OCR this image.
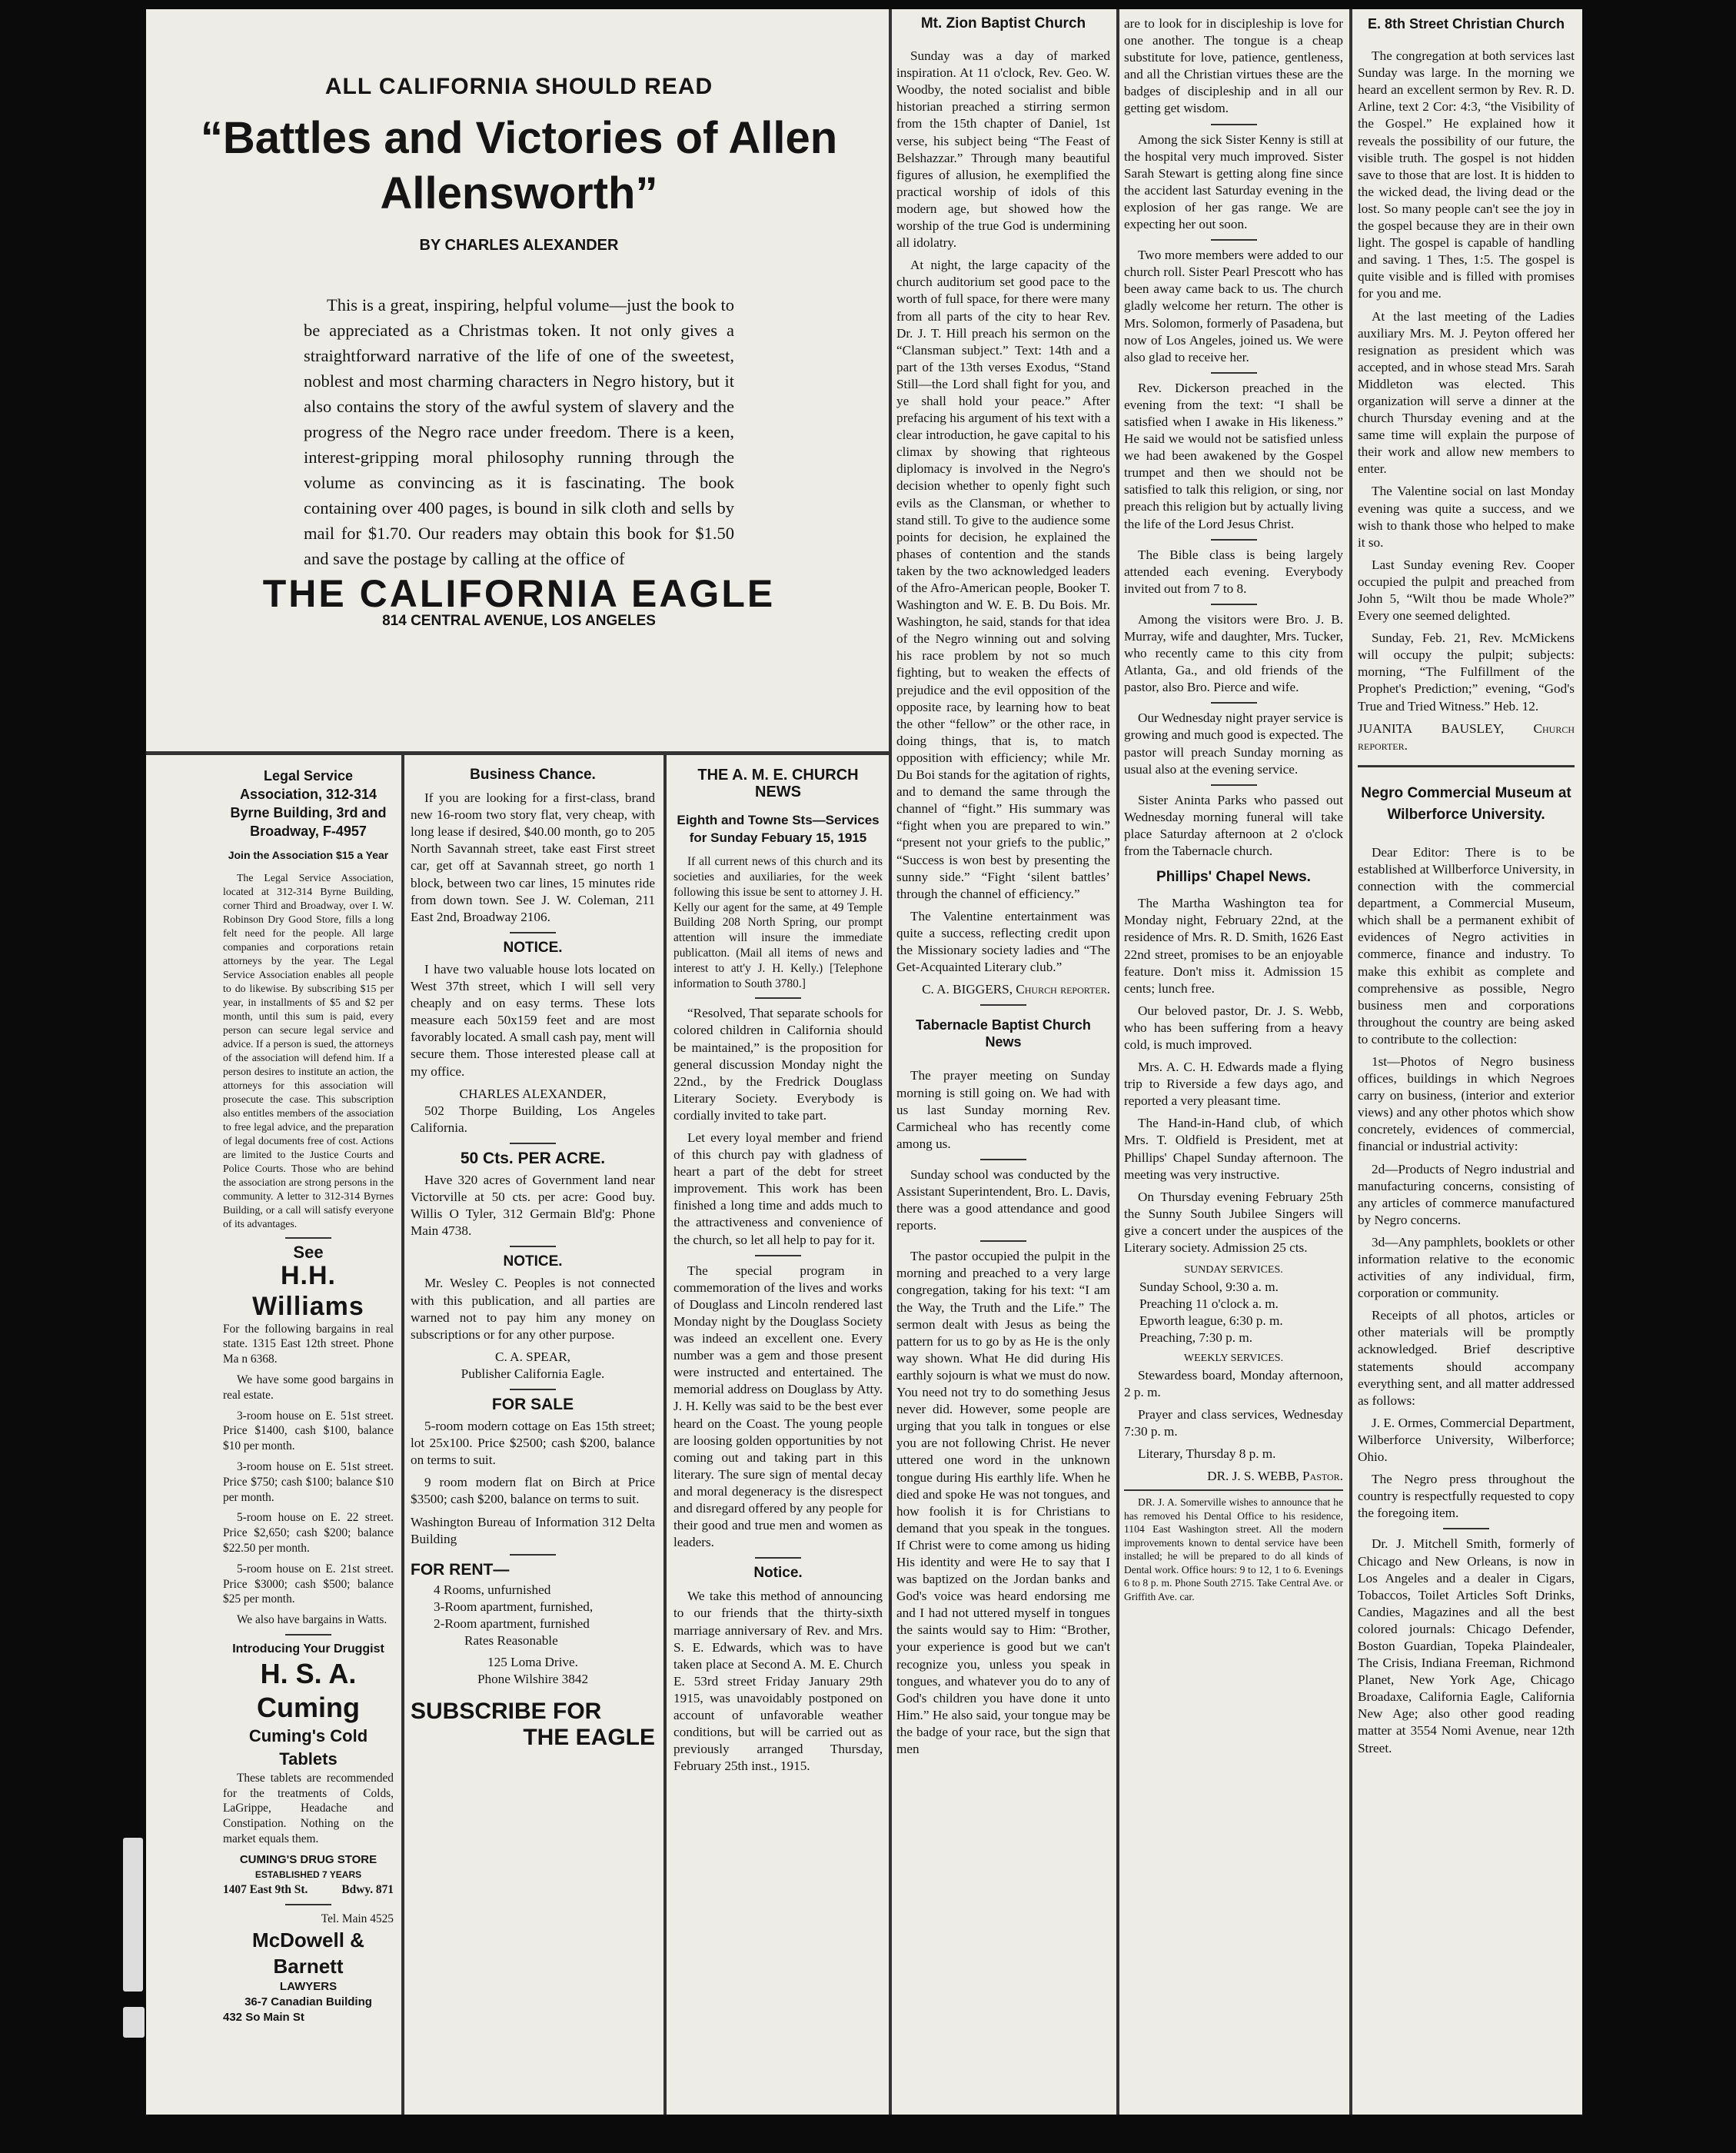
ALL CALIFORNIA SHOULD READ
“Battles and Victories of Allen
Allensworth”
BY CHARLES ALEXANDER
This is a great, inspiring, helpful volume—just the book to be appreciated as a Christmas token. It not only gives a straightforward narrative of the life of one of the sweetest, noblest and most charming characters in Negro history, but it also contains the story of the awful system of slavery and the progress of the Negro race under freedom. There is a keen, interest-gripping moral philosophy running through the volume as convincing as it is fascinating. The book containing over 400 pages, is bound in silk cloth and sells by mail for $1.70. Our readers may obtain this book for $1.50 and save the postage by calling at the office of
THE CALIFORNIA EAGLE
814 CENTRAL AVENUE, LOS ANGELES
Legal Service Association, 312-314 Byrne Building, 3rd and Broadway, F-4957
Join the Association $15 a Year

The Legal Service Association, located at 312-314 Byrne Building, corner Third and Broadway, over I. W. Robinson Dry Good Store, fills a long felt need for the people. All large companies and corporations retain attorneys by the year. The Legal Service Association enables all people to do likewise. By subscribing $15 per year, in installments of $5 and $2 per month, until this sum is paid, every person can secure legal service and advice. If a person is sued, the attorneys of the association will defend him. If a person desires to institute an action, the attorneys for this association will prosecute the case. This subscription also entitles members of the association to free legal advice, and the preparation of legal documents free of cost. Actions are limited to the Justice Courts and Police Courts. Those who are behind the association are strong persons in the community. A letter to 312-314 Byrnes Building, or a call will satisfy everyone of its advantages.

See
H.H. Williams

For the following bargains in real state. 1315 East 12th street. Phone Ma n 6368.

We have some good bargains in real estate.

3-room house on E. 51st street. Price $1400, cash $100, balance $10 per month.

3-room house on E. 51st street. Price $750; cash $100; balance $10 per month.

5-room house on E. 22 street. Price $2,650; cash $200; balance $22.50 per month.

5-room house on E. 21st street. Price $3000; cash $500; balance $25 per month.

We also have bargains in Watts.

Introducing Your Druggist
H. S. A. Cuming
Cuming's Cold Tablets

These tablets are recommended for the treatments of Colds, LaGrippe, Headache and Constipation. Nothing on the market equals them.

CUMING'S DRUG STORE
ESTABLISHED 7 YEARS
1407 East 9th St.	Bdwy. 871
Tel. Main 4525
McDowell & Barnett
LAWYERS
36-7 Canadian Building
432 So Main St
Business Chance.

If you are looking for a first-class, brand new 16-room two story flat, very cheap, with long lease if desired, $40.00 month, go to 205 North Savannah street, take east First street car, get off at Savannah street, go north 1 block, between two car lines, 15 minutes ride from down town. See J. W. Coleman, 211 East 2nd, Broadway 2106.

NOTICE.

I have two valuable house lots located on West 37th street, which I will sell very cheaply and on easy terms. These lots measure each 50x159 feet and are most favorably located. A small cash pay, ment will secure them. Those interested please call at my office.

CHARLES ALEXANDER,

502 Thorpe Building, Los Angeles California.

50 Cts. PER ACRE.

Have 320 acres of Government land near Victorville at 50 cts. per acre: Good buy. Willis O Tyler, 312 Germain Bld'g: Phone Main 4738.

NOTICE.

Mr. Wesley C. Peoples is not connected with this publication, and all parties are warned not to pay him any money on subscriptions or for any other purpose.

C. A. SPEAR,
Publisher California Eagle.
FOR SALE

5-room modern cottage on Eas 15th street; lot 25x100. Price $2500; cash $200, balance on terms to suit.

9 room modern flat on Birch at Price $3500; cash $200, balance on terms to suit.

Washington Bureau of Information 312 Delta Building

FOR RENT—
4 Rooms, unfurnished
3-Room apartment, furnished,
2-Room apartment, furnished
Rates Reasonable
125 Loma Drive.
Phone Wilshire 3842
SUBSCRIBE FOR
THE EAGLE
THE A. M. E. CHURCH NEWS
Eighth and Towne Sts—Services for Sunday Febuary 15, 1915

If all current news of this church and its societies and auxiliaries, for the week following this issue be sent to attorney J. H. Kelly our agent for the same, at 49 Temple Building 208 North Spring, our prompt attention will insure the immediate publicatton. (Mail all items of news and interest to att'y J. H. Kelly.) [Telephone information to South 3780.]

“Resolved, That separate schools for colored children in California should be maintained,” is the proposition for general discussion Monday night the 22nd., by the Fredrick Douglass Literary Society. Everybody is cordially invited to take part.

Let every loyal member and friend of this church pay with gladness of heart a part of the debt for street improvement. This work has been finished a long time and adds much to the attractiveness and convenience of the church, so let all help to pay for it.

The special program in commemoration of the lives and works of Douglass and Lincoln rendered last Monday night by the Douglass Society was indeed an excellent one. Every number was a gem and those present were instructed and entertained. The memorial address on Douglass by Atty. J. H. Kelly was said to be the best ever heard on the Coast. The young people are loosing golden opportunities by not coming out and taking part in this literary. The sure sign of mental decay and moral degeneracy is the disrespect and disregard offered by any people for their good and true men and women as leaders.

Notice.

We take this method of announcing to our friends that the thirty-sixth marriage anniversary of Rev. and Mrs. S. E. Edwards, which was to have taken place at Second A. M. E. Church E. 53rd street Friday January 29th 1915, was unavoidably postponed on account of unfavorable weather conditions, but will be carried out as previously arranged Thursday, February 25th inst., 1915.

Mt. Zion Baptist Church

Sunday was a day of marked inspiration. At 11 o'clock, Rev. Geo. W. Woodby, the noted socialist and bible historian preached a stirring sermon from the 15th chapter of Daniel, 1st verse, his subject being “The Feast of Belshazzar.” Through many beautiful figures of allusion, he exemplified the practical worship of idols of this modern age, but showed how the worship of the true God is undermining all idolatry.

At night, the large capacity of the church auditorium set good pace to the worth of full space, for there were many from all parts of the city to hear Rev. Dr. J. T. Hill preach his sermon on the “Clansman subject.” Text: 14th and a part of the 13th verses Exodus, “Stand Still—the Lord shall fight for you, and ye shall hold your peace.” After prefacing his argument of his text with a clear introduction, he gave capital to his climax by showing that righteous diplomacy is involved in the Negro's decision whether to openly fight such evils as the Clansman, or whether to stand still. To give to the audience some points for decision, he explained the phases of contention and the stands taken by the two acknowledged leaders of the Afro-American people, Booker T. Washington and W. E. B. Du Bois. Mr. Washington, he said, stands for that idea of the Negro winning out and solving his race problem by not so much fighting, but to weaken the effects of prejudice and the evil opposition of the opposite race, by learning how to beat the other “fellow” or the other race, in doing things, that is, to match opposition with efficiency; while Mr. Du Boi stands for the agitation of rights, and to demand the same through the channel of “fight.” His summary was “fight when you are prepared to win.” “present not your griefs to the public,” “Success is won best by presenting the sunny side.” “Fight ‘silent battles’ through the channel of efficiency.”

The Valentine entertainment was quite a success, reflecting credit upon the Missionary society ladies and “The Get-Acquainted Literary club.”

C. A. BIGGERS, Church reporter.
Tabernacle Baptist Church News

The prayer meeting on Sunday morning is still going on. We had with us last Sunday morning Rev. Carmicheal who has recently come among us.

Sunday school was conducted by the Assistant Superintendent, Bro. L. Davis, there was a good attendance and good reports.

The pastor occupied the pulpit in the morning and preached to a very large congregation, taking for his text: “I am the Way, the Truth and the Life.” The sermon dealt with Jesus as being the pattern for us to go by as He is the only way shown. What He did during His earthly sojourn is what we must do now. You need not try to do something Jesus never did. However, some people are urging that you talk in tongues or else you are not following Christ. He never uttered one word in the unknown tongue during His earthly life. When he died and spoke He was not tongues, and how foolish it is for Christians to demand that you speak in the tongues. If Christ were to come among us hiding His identity and were He to say that I was baptized on the Jordan banks and God's voice was heard endorsing me and I had not uttered myself in tongues the saints would say to Him: “Brother, your experience is good but we can't recognize you, unless you speak in tongues, and whatever you do to any of God's children you have done it unto Him.” He also said, your tongue may be the badge of your race, but the sign that men

are to look for in discipleship is love for one another. The tongue is a cheap substitute for love, patience, gentleness, and all the Christian virtues these are the badges of discipleship and in all our getting get wisdom.

Among the sick Sister Kenny is still at the hospital very much improved. Sister Sarah Stewart is getting along fine since the accident last Saturday evening in the explosion of her gas range. We are expecting her out soon.

Two more members were added to our church roll. Sister Pearl Prescott who has been away came back to us. The church gladly welcome her return. The other is Mrs. Solomon, formerly of Pasadena, but now of Los Angeles, joined us. We were also glad to receive her.

Rev. Dickerson preached in the evening from the text: “I shall be satisfied when I awake in His likeness.” He said we would not be satisfied unless we had been awakened by the Gospel trumpet and then we should not be satisfied to talk this religion, or sing, nor preach this religion but by actually living the life of the Lord Jesus Christ.

The Bible class is being largely attended each evening. Everybody invited out from 7 to 8.

Among the visitors were Bro. J. B. Murray, wife and daughter, Mrs. Tucker, who recently came to this city from Atlanta, Ga., and old friends of the pastor, also Bro. Pierce and wife.

Our Wednesday night prayer service is growing and much good is expected. The pastor will preach Sunday morning as usual also at the evening service.

Sister Aninta Parks who passed out Wednesday morning funeral will take place Saturday afternoon at 2 o'clock from the Tabernacle church.

Phillips' Chapel News.

The Martha Washington tea for Monday night, February 22nd, at the residence of Mrs. R. D. Smith, 1626 East 22nd street, promises to be an enjoyable feature. Don't miss it. Admission 15 cents; lunch free.

Our beloved pastor, Dr. J. S. Webb, who has been suffering from a heavy cold, is much improved.

Mrs. A. C. H. Edwards made a flying trip to Riverside a few days ago, and reported a very pleasant time.

The Hand-in-Hand club, of which Mrs. T. Oldfield is President, met at Phillips' Chapel Sunday afternoon. The meeting was very instructive.

On Thursday evening February 25th the Sunny South Jubilee Singers will give a concert under the auspices of the Literary society. Admission 25 cts.

SUNDAY SERVICES.
Sunday School, 9:30 a. m.
Preaching 11 o'clock a. m.
Epworth league, 6:30 p. m.
Preaching, 7:30 p. m.
WEEKLY SERVICES.

Stewardess board, Monday afternoon, 2 p. m.

Prayer and class services, Wednesday 7:30 p. m.

Literary, Thursday 8 p. m.

DR. J. S. WEBB, Pastor.

DR. J. A. Somerville wishes to announce that he has removed his Dental Office to his residence, 1104 East Washington street. All the modern improvements known to dental service have been installed; he will be prepared to do all kinds of Dental work. Office hours: 9 to 12, 1 to 6. Evenings 6 to 8 p. m. Phone South 2715. Take Central Ave. or Griffith Ave. car.

E. 8th Street Christian Church

The congregation at both services last Sunday was large. In the morning we heard an excellent sermon by Rev. R. D. Arline, text 2 Cor: 4:3, “the Visibility of the Gospel.” He explained how it reveals the possibility of our future, the visible truth. The gospel is not hidden save to those that are lost. It is hidden to the wicked dead, the living dead or the lost. So many people can't see the joy in the gospel because they are in their own light. The gospel is capable of handling and saving. 1 Thes, 1:5. The gospel is quite visible and is filled with promises for you and me.

At the last meeting of the Ladies auxiliary Mrs. M. J. Peyton offered her resignation as president which was accepted, and in whose stead Mrs. Sarah Middleton was elected. This organization will serve a dinner at the church Thursday evening and at the same time will explain the purpose of their work and allow new members to enter.

The Valentine social on last Monday evening was quite a success, and we wish to thank those who helped to make it so.

Last Sunday evening Rev. Cooper occupied the pulpit and preached from John 5, “Wilt thou be made Whole?” Every one seemed delighted.

Sunday, Feb. 21, Rev. McMickens will occupy the pulpit; subjects: morning, “The Fulfillment of the Prophet's Prediction;” evening, “God's True and Tried Witness.” Heb. 12.

JUANITA BAUSLEY, Church reporter.

Negro Commercial Museum at Wilberforce University.

Dear Editor: There is to be established at Willberforce University, in connection with the commercial department, a Commercial Museum, which shall be a permanent exhibit of evidences of Negro activities in commerce, finance and industry. To make this exhibit as complete and comprehensive as possible, Negro business men and corporations throughout the country are being asked to contribute to the collection:

1st—Photos of Negro business offices, buildings in which Negroes carry on business, (interior and exterior views) and any other photos which show concretely, evidences of commercial, financial or industrial activity:

2d—Products of Negro industrial and manufacturing concerns, consisting of any articles of commerce manufactured by Negro concerns.

3d—Any pamphlets, booklets or other information relative to the economic activities of any individual, firm, corporation or community.

Receipts of all photos, articles or other materials will be promptly acknowledged. Brief descriptive statements should accompany everything sent, and all matter addressed as follows:

J. E. Ormes, Commercial Department, Wilberforce University, Wilberforce; Ohio.

The Negro press throughout the country is respectfully requested to copy the foregoing item.

Dr. J. Mitchell Smith, formerly of Chicago and New Orleans, is now in Los Angeles and a dealer in Cigars, Tobaccos, Toilet Articles Soft Drinks, Candies, Magazines and all the best colored journals: Chicago Defender, Boston Guardian, Topeka Plaindealer, The Crisis, Indiana Freeman, Richmond Planet, New York Age, Chicago Broadaxe, California Eagle, California New Age; also other good reading matter at 3554 Nomi Avenue, near 12th Street.
